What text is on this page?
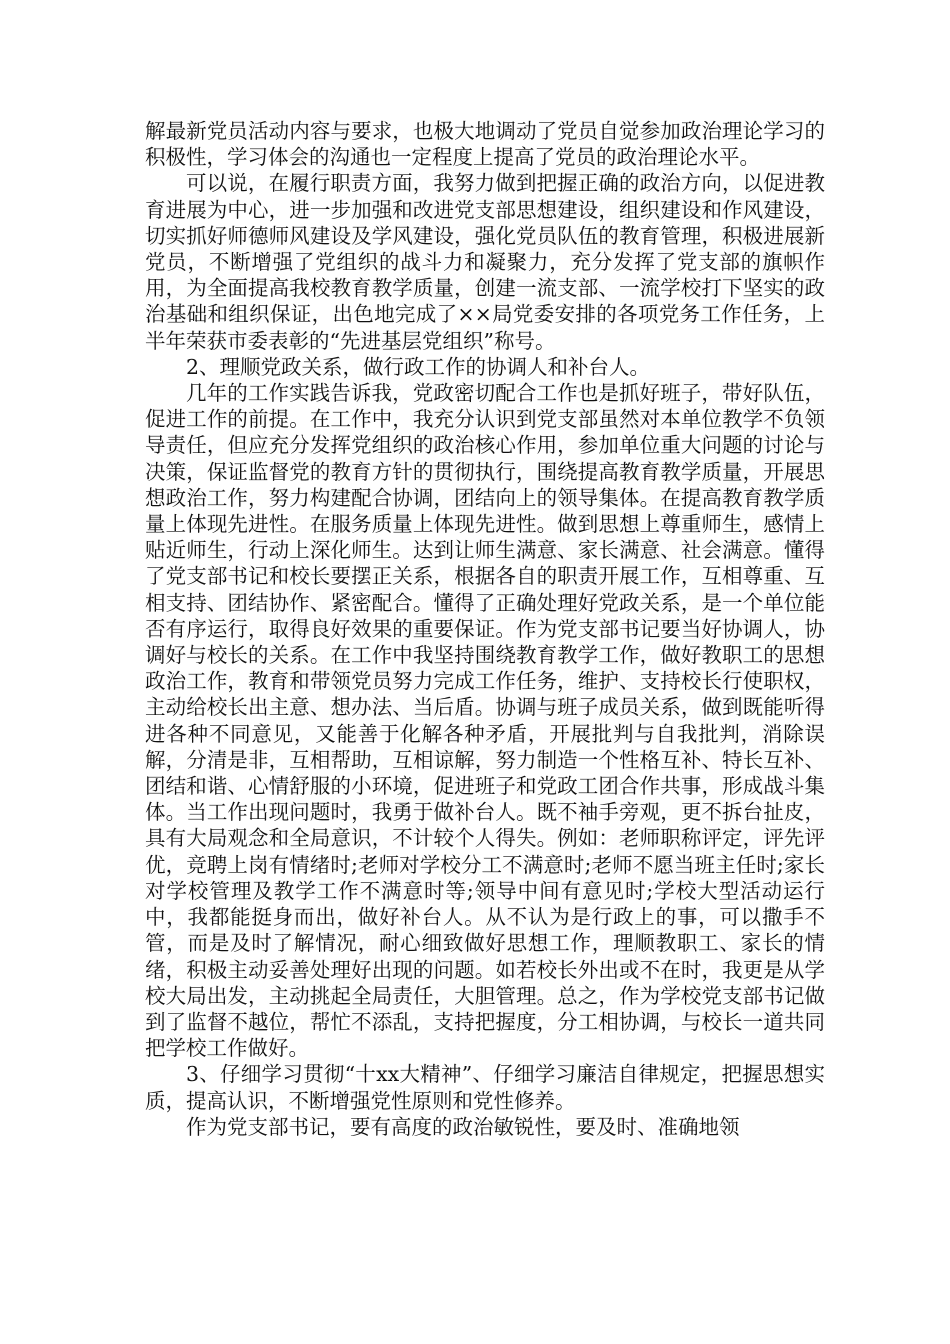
解最新党员活动内容与要求，也极大地调动了党员自觉参加政治理论学习的积极性，学习体会的沟通也一定程度上提高了党员的政治理论水平。

可以说，在履行职责方面，我努力做到把握正确的政治方向，以促进教育进展为中心，进一步加强和改进党支部思想建设，组织建设和作风建设，切实抓好师德师风建设及学风建设，强化党员队伍的教育管理，积极进展新党员，不断增强了党组织的战斗力和凝聚力，充分发挥了党支部的旗帜作用，为全面提高我校教育教学质量，创建一流支部、一流学校打下坚实的政治基础和组织保证，出色地完成了××局党委安排的各项党务工作任务，上半年荣获市委表彰的“先进基层党组织”称号。

2、理顺党政关系，做行政工作的协调人和补台人。

几年的工作实践告诉我，党政密切配合工作也是抓好班子，带好队伍，促进工作的前提。在工作中，我充分认识到党支部虽然对本单位教学不负领导责任，但应充分发挥党组织的政治核心作用，参加单位重大问题的讨论与决策，保证监督党的教育方针的贯彻执行，围绕提高教育教学质量，开展思想政治工作，努力构建配合协调，团结向上的领导集体。在提高教育教学质量上体现先进性。在服务质量上体现先进性。做到思想上尊重师生，感情上贴近师生，行动上深化师生。达到让师生满意、家长满意、社会满意。懂得了党支部书记和校长要摆正关系，根据各自的职责开展工作，互相尊重、互相支持、团结协作、紧密配合。懂得了正确处理好党政关系，是一个单位能否有序运行，取得良好效果的重要保证。作为党支部书记要当好协调人，协调好与校长的关系。在工作中我坚持围绕教育教学工作，做好教职工的思想政治工作，教育和带领党员努力完成工作任务，维护、支持校长行使职权，主动给校长出主意、想办法、当后盾。协调与班子成员关系，做到既能听得进各种不同意见，又能善于化解各种矛盾，开展批判与自我批判，消除误解，分清是非，互相帮助，互相谅解，努力制造一个性格互补、特长互补、团结和谐、心情舒服的小环境，促进班子和党政工团合作共事，形成战斗集体。当工作出现问题时，我勇于做补台人。既不袖手旁观，更不拆台扯皮，具有大局观念和全局意识，不计较个人得失。例如：老师职称评定，评先评优，竞聘上岗有情绪时;老师对学校分工不满意时;老师不愿当班主任时;家长对学校管理及教学工作不满意时等;领导中间有意见时;学校大型活动运行中，我都能挺身而出，做好补台人。从不认为是行政上的事，可以撒手不管，而是及时了解情况，耐心细致做好思想工作，理顺教职工、家长的情绪，积极主动妥善处理好出现的问题。如若校长外出或不在时，我更是从学校大局出发，主动挑起全局责任，大胆管理。总之，作为学校党支部书记做到了监督不越位，帮忙不添乱，支持把握度，分工相协调，与校长一道共同把学校工作做好。

3、仔细学习贯彻“十xx大精神”、仔细学习廉洁自律规定，把握思想实质，提高认识，不断增强党性原则和党性修养。

作为党支部书记，要有高度的政治敏锐性，要及时、准确地领
